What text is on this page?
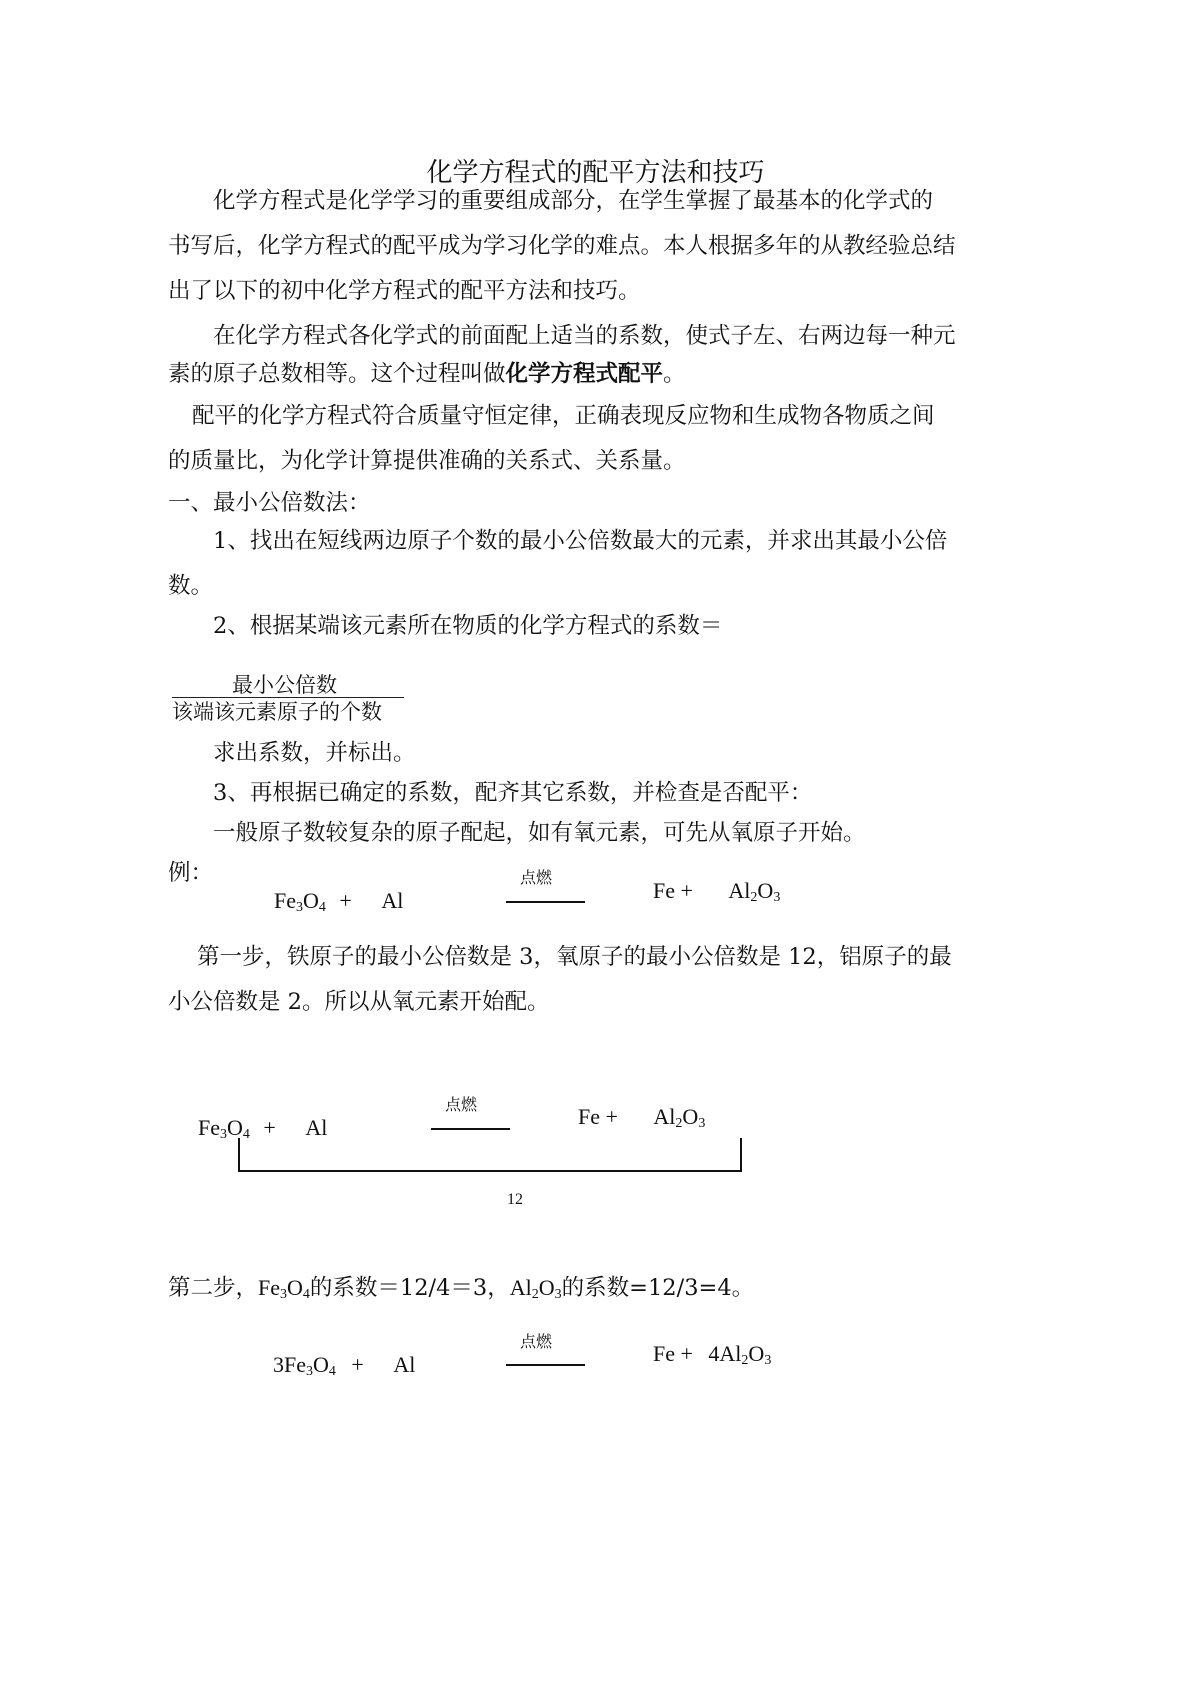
化学方程式的配平方法和技巧
化学方程式是化学学习的重要组成部分，在学生掌握了最基本的化学式的
书写后，化学方程式的配平成为学习化学的难点。本人根据多年的从教经验总结
出了以下的初中化学方程式的配平方法和技巧。
在化学方程式各化学式的前面配上适当的系数，使式子左、右两边每一种元
素的原子总数相等。这个过程叫做化学方程式配平。
配平的化学方程式符合质量守恒定律，正确表现反应物和生成物各物质之间
的质量比，为化学计算提供准确的关系式、关系量。
一、最小公倍数法：
1、找出在短线两边原子个数的最小公倍数最大的元素，并求出其最小公倍
数。
2、根据某端该元素所在物质的化学方程式的系数＝
最小公倍数
该端该元素原子的个数
求出系数，并标出。
3、再根据已确定的系数，配齐其它系数，并检查是否配平：
一般原子数较复杂的原子配起，如有氧元素，可先从氧原子开始。
例：
$Fe_3O_4 + Al$
点燃
$Fe + Al_2O_3$
第一步，铁原子的最小公倍数是 3，氧原子的最小公倍数是 12，铝原子的最
小公倍数是 2。所以从氧元素开始配。
$Fe_3O_4 + Al$
点燃	$Fe + Al_2O_3$
12
第二步，$Fe_3O_4$的系数＝12/4＝3，$Al_2O_3$的系数=12/3=4。
$3Fe_3O_4 + Al$
点燃	$Fe + 4Al_2O_3$
